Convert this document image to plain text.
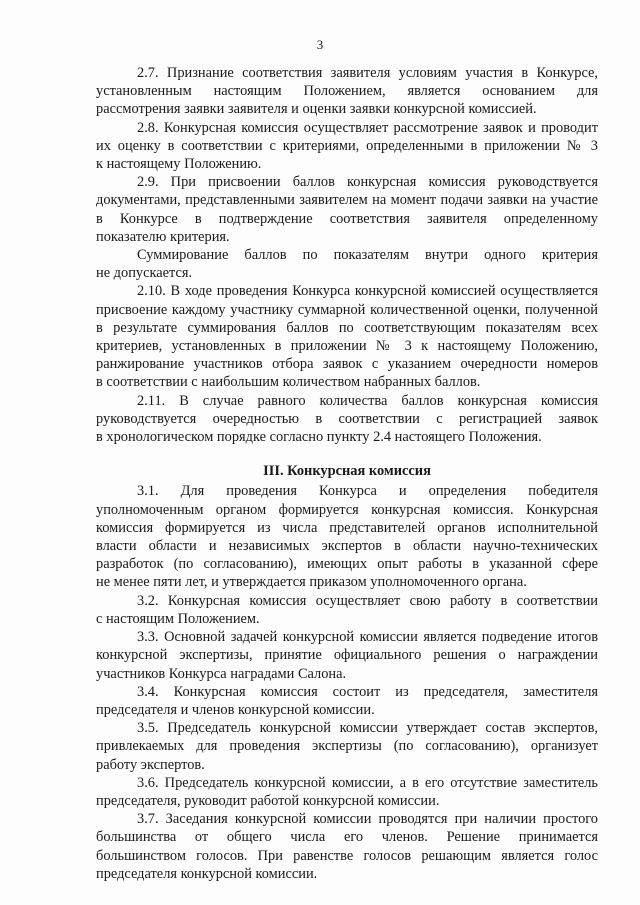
3
2.7. Признание соответствия заявителя условиям участия в Конкурсе,
установленным настоящим Положением, является основанием для
рассмотрения заявки заявителя и оценки заявки конкурсной комиссией.
2.8. Конкурсная комиссия осуществляет рассмотрение заявок и проводит
их оценку в соответствии с критериями, определенными в приложении № 3
к настоящему Положению.
2.9. При присвоении баллов конкурсная комиссия руководствуется
документами, представленными заявителем на момент подачи заявки на участие
в Конкурсе в подтверждение соответствия заявителя определенному
показателю критерия.
Суммирование баллов по показателям внутри одного критерия
не допускается.
2.10. В ходе проведения Конкурса конкурсной комиссией осуществляется
присвоение каждому участнику суммарной количественной оценки, полученной
в результате суммирования баллов по соответствующим показателям всех
критериев, установленных в приложении № 3 к настоящему Положению,
ранжирование участников отбора заявок с указанием очередности номеров
в соответствии с наибольшим количеством набранных баллов.
2.11. В случае равного количества баллов конкурсная комиссия
руководствуется очередностью в соответствии с регистрацией заявок
в хронологическом порядке согласно пункту 2.4 настоящего Положения.
III. Конкурсная комиссия
3.1. Для проведения Конкурса и определения победителя
уполномоченным органом формируется конкурсная комиссия. Конкурсная
комиссия формируется из числа представителей органов исполнительной
власти области и независимых экспертов в области научно-технических
разработок (по согласованию), имеющих опыт работы в указанной сфере
не менее пяти лет, и утверждается приказом уполномоченного органа.
3.2. Конкурсная комиссия осуществляет свою работу в соответствии
с настоящим Положением.
3.3. Основной задачей конкурсной комиссии является подведение итогов
конкурсной экспертизы, принятие официального решения о награждении
участников Конкурса наградами Салона.
3.4. Конкурсная комиссия состоит из председателя, заместителя
председателя и членов конкурсной комиссии.
3.5. Председатель конкурсной комиссии утверждает состав экспертов,
привлекаемых для проведения экспертизы (по согласованию), организует
работу экспертов.
3.6. Председатель конкурсной комиссии, а в его отсутствие заместитель
председателя, руководит работой конкурсной комиссии.
3.7. Заседания конкурсной комиссии проводятся при наличии простого
большинства от общего числа его членов. Решение принимается
большинством голосов. При равенстве голосов решающим является голос
председателя конкурсной комиссии.
